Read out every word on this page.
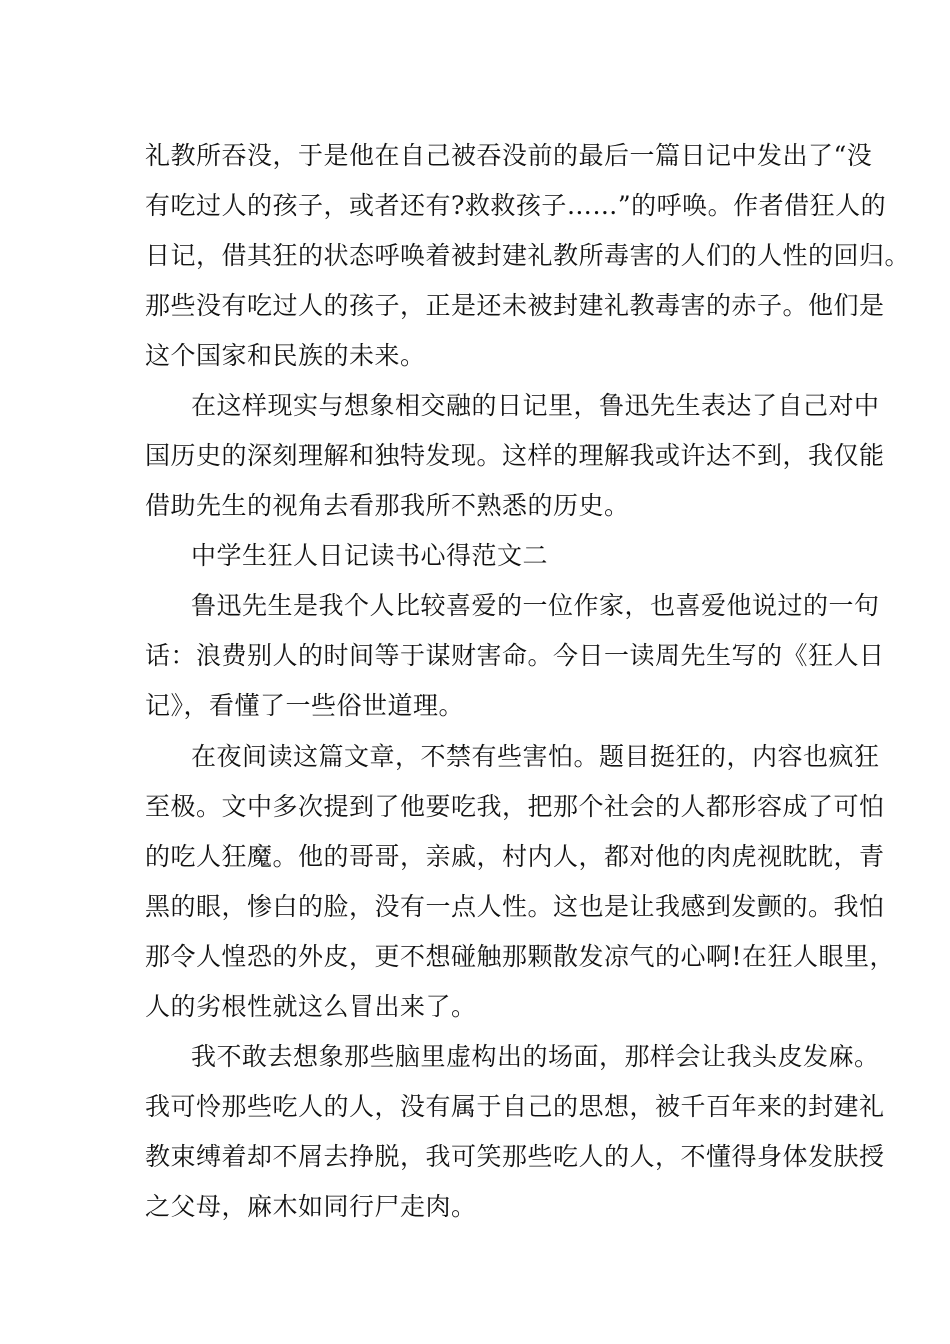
礼教所吞没，于是他在自己被吞没前的最后一篇日记中发出了“没
有吃过人的孩子，或者还有?救救孩子……”的呼唤。作者借狂人的
日记，借其狂的状态呼唤着被封建礼教所毒害的人们的人性的回归。
那些没有吃过人的孩子，正是还未被封建礼教毒害的赤子。他们是
这个国家和民族的未来。
在这样现实与想象相交融的日记里，鲁迅先生表达了自己对中
国历史的深刻理解和独特发现。这样的理解我或许达不到，我仅能
借助先生的视角去看那我所不熟悉的历史。
中学生狂人日记读书心得范文二
鲁迅先生是我个人比较喜爱的一位作家，也喜爱他说过的一句
话：浪费别人的时间等于谋财害命。今日一读周先生写的《狂人日
记》，看懂了一些俗世道理。
在夜间读这篇文章，不禁有些害怕。题目挺狂的，内容也疯狂
至极。文中多次提到了他要吃我，把那个社会的人都形容成了可怕
的吃人狂魔。他的哥哥，亲戚，村内人，都对他的肉虎视眈眈，青
黑的眼，惨白的脸，没有一点人性。这也是让我感到发颤的。我怕
那令人惶恐的外皮，更不想碰触那颗散发凉气的心啊!在狂人眼里，
人的劣根性就这么冒出来了。
我不敢去想象那些脑里虚构出的场面，那样会让我头皮发麻。
我可怜那些吃人的人，没有属于自己的思想，被千百年来的封建礼
教束缚着却不屑去挣脱，我可笑那些吃人的人，不懂得身体发肤授
之父母，麻木如同行尸走肉。
